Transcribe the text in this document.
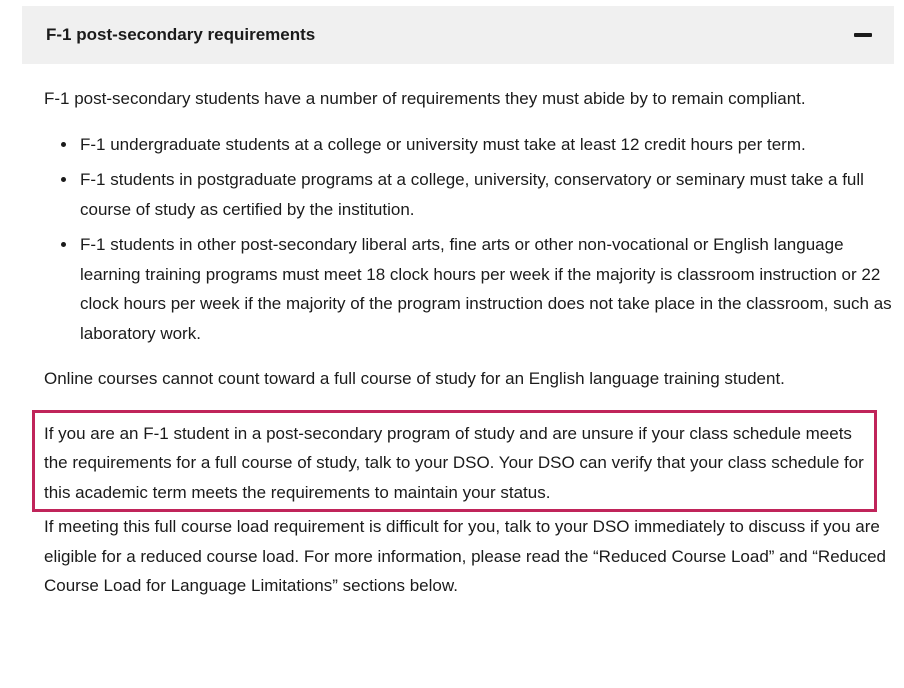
F-1 post-secondary requirements

F-1 post-secondary students have a number of requirements they must abide by to remain compliant.

• F-1 undergraduate students at a college or university must take at least 12 credit hours per term.
• F-1 students in postgraduate programs at a college, university, conservatory or seminary must take a full course of study as certified by the institution.
• F-1 students in other post-secondary liberal arts, fine arts or other non-vocational or English language learning training programs must meet 18 clock hours per week if the majority is classroom instruction or 22 clock hours per week if the majority of the program instruction does not take place in the classroom, such as laboratory work.

Online courses cannot count toward a full course of study for an English language training student.

If you are an F-1 student in a post-secondary program of study and are unsure if your class schedule meets the requirements for a full course of study, talk to your DSO. Your DSO can verify that your class schedule for this academic term meets the requirements to maintain your status.

If meeting this full course load requirement is difficult for you, talk to your DSO immediately to discuss if you are eligible for a reduced course load. For more information, please read the “Reduced Course Load” and “Reduced Course Load for Language Limitations” sections below.
